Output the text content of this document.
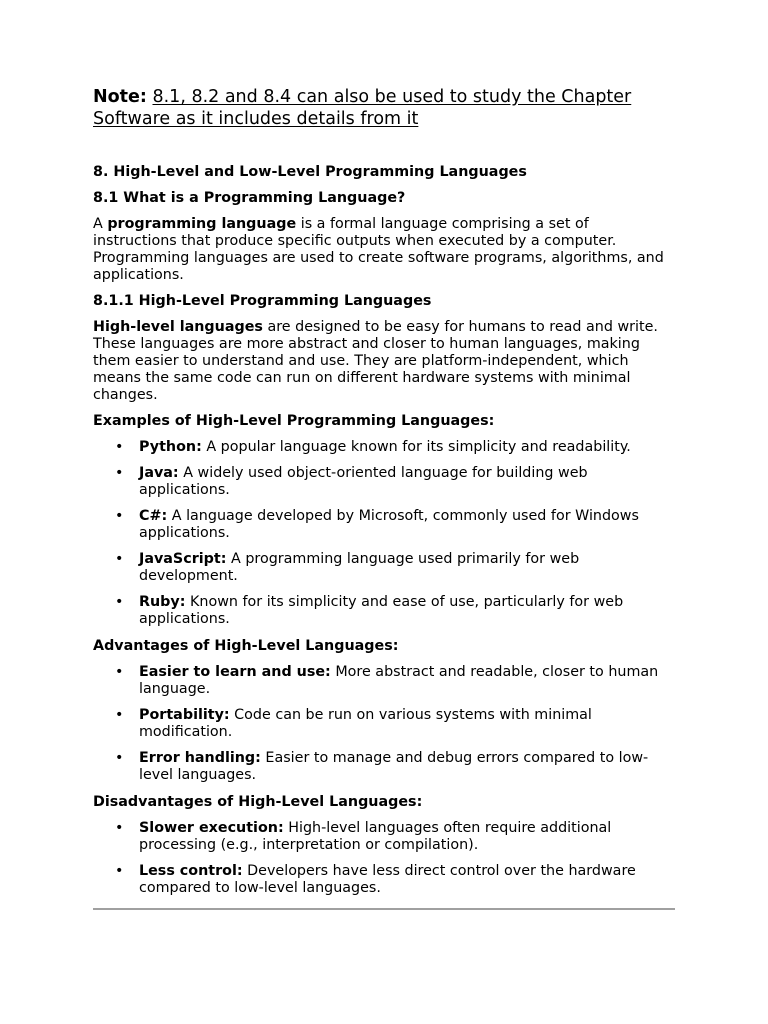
Note: 8.1, 8.2 and 8.4 can also be used to study the Chapter Software as it includes details from it

8. High-Level and Low-Level Programming Languages
8.1 What is a Programming Language?

A programming language is a formal language comprising a set of instructions that produce specific outputs when executed by a computer. Programming languages are used to create software programs, algorithms, and applications.

8.1.1 High-Level Programming Languages

High-level languages are designed to be easy for humans to read and write. These languages are more abstract and closer to human languages, making them easier to understand and use. They are platform-independent, which means the same code can run on different hardware systems with minimal changes.

Examples of High-Level Programming Languages:
• Python: A popular language known for its simplicity and readability.
• Java: A widely used object-oriented language for building web applications.
• C#: A language developed by Microsoft, commonly used for Windows applications.
• JavaScript: A programming language used primarily for web development.
• Ruby: Known for its simplicity and ease of use, particularly for web applications.
Advantages of High-Level Languages:
• Easier to learn and use: More abstract and readable, closer to human language.
• Portability: Code can be run on various systems with minimal modification.
• Error handling: Easier to manage and debug errors compared to low-level languages.
Disadvantages of High-Level Languages:
• Slower execution: High-level languages often require additional processing (e.g., interpretation or compilation).
• Less control: Developers have less direct control over the hardware compared to low-level languages.
